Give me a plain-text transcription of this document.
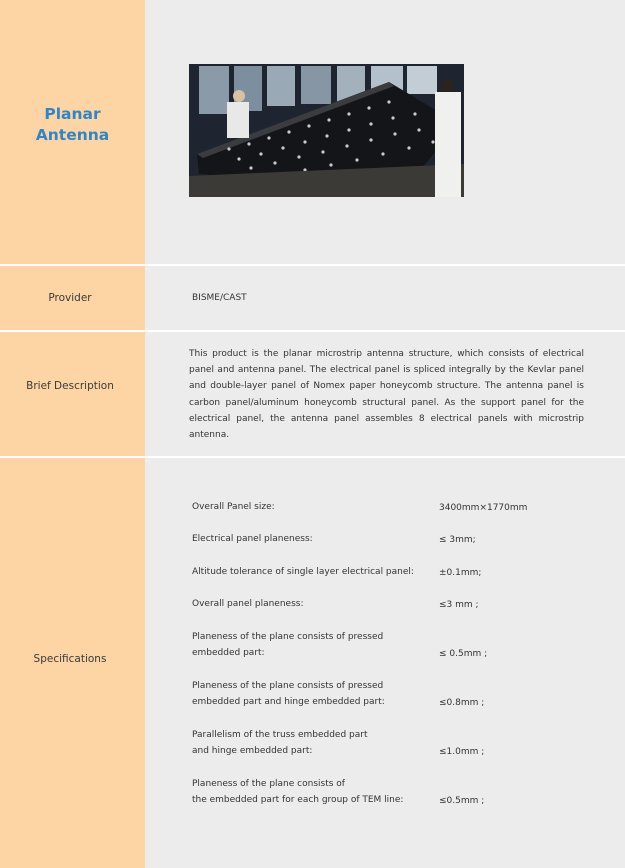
Planar
Antenna
Provider	BISME/CAST
Brief Description
This product is the planar microstrip antenna structure, which consists of electrical panel and antenna panel. The electrical panel is spliced integrally by the Kevlar panel and double-layer panel of Nomex paper honeycomb structure. The antenna panel is carbon panel/aluminum honeycomb structural panel. As the support panel for the electrical panel, the antenna panel assembles 8 electrical panels with microstrip antenna.
Specifications
Overall Panel size:	3400mm×1770mm
Electrical panel planeness:	≤ 3mm;
Altitude tolerance of single layer electrical panel:	±0.1mm;
Overall panel planeness:	≤3 mm ;
Planeness of the plane consists of pressed
embedded part:	≤ 0.5mm ;
Planeness of the plane consists of pressed
embedded part and hinge embedded part:	≤0.8mm ;
Parallelism of the truss embedded part
and hinge embedded part:	≤1.0mm ;
Planeness of the plane consists of
the embedded part for each group of TEM line:	≤0.5mm ;
